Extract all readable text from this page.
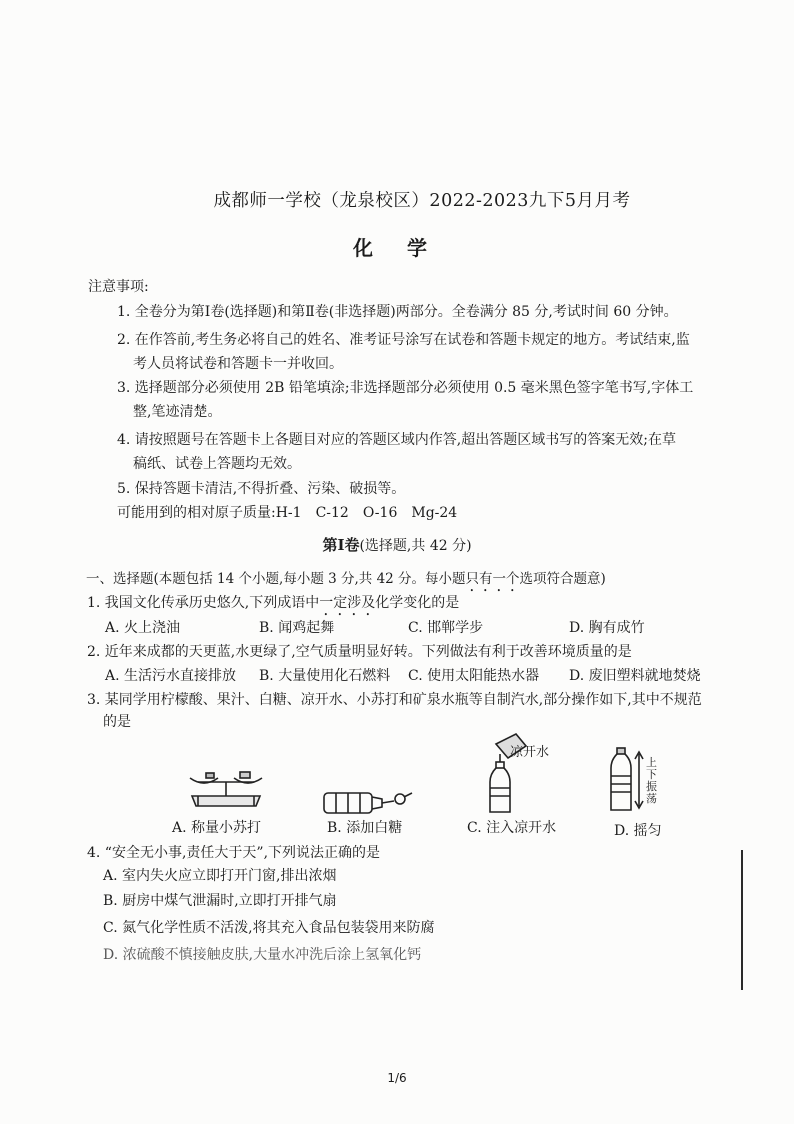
成都师一学校（龙泉校区）2022-2023九下5月月考
化学
注意事项:
1. 全卷分为第Ⅰ卷(选择题)和第Ⅱ卷(非选择题)两部分。全卷满分 85 分,考试时间 60 分钟。
2. 在作答前,考生务必将自己的姓名、准考证号涂写在试卷和答题卡规定的地方。考试结束,监
考人员将试卷和答题卡一并收回。
3. 选择题部分必须使用 2B 铅笔填涂;非选择题部分必须使用 0.5 毫米黑色签字笔书写,字体工
整,笔迹清楚。
4. 请按照题号在答题卡上各题目对应的答题区域内作答,超出答题区域书写的答案无效;在草
稿纸、试卷上答题均无效。
5. 保持答题卡清洁,不得折叠、污染、破损等。
可能用到的相对原子质量:H-1　C-12　O-16　Mg-24
第Ⅰ卷(选择题,共 42 分)
一、选择题(本题包括 14 个小题,每小题 3 分,共 42 分。每小题只有一个选项符合题意)
1. 我国文化传承历史悠久,下列成语中一定涉及化学变化的是
A. 火上浇油	B. 闻鸡起舞	C. 邯郸学步	D. 胸有成竹
2. 近年来成都的天更蓝,水更绿了,空气质量明显好转。下列做法有利于改善环境质量的是
A. 生活污水直接排放 B. 大量使用化石燃料 C. 使用太阳能热水器 D. 废旧塑料就地焚烧
3. 某同学用柠檬酸、果汁、白糖、凉开水、小苏打和矿泉水瓶等自制汽水,部分操作如下,其中不规范
的是
A. 称量小苏打	B. 添加白糖
凉开水
C. 注入凉开水
上下振荡
D. 摇匀
4. “安全无小事,责任大于天”,下列说法正确的是
A. 室内失火应立即打开门窗,排出浓烟
B. 厨房中煤气泄漏时,立即打开排气扇
C. 氮气化学性质不活泼,将其充入食品包装袋用来防腐
D. 浓硫酸不慎接触皮肤,大量水冲洗后涂上氢氧化钙
1/6
